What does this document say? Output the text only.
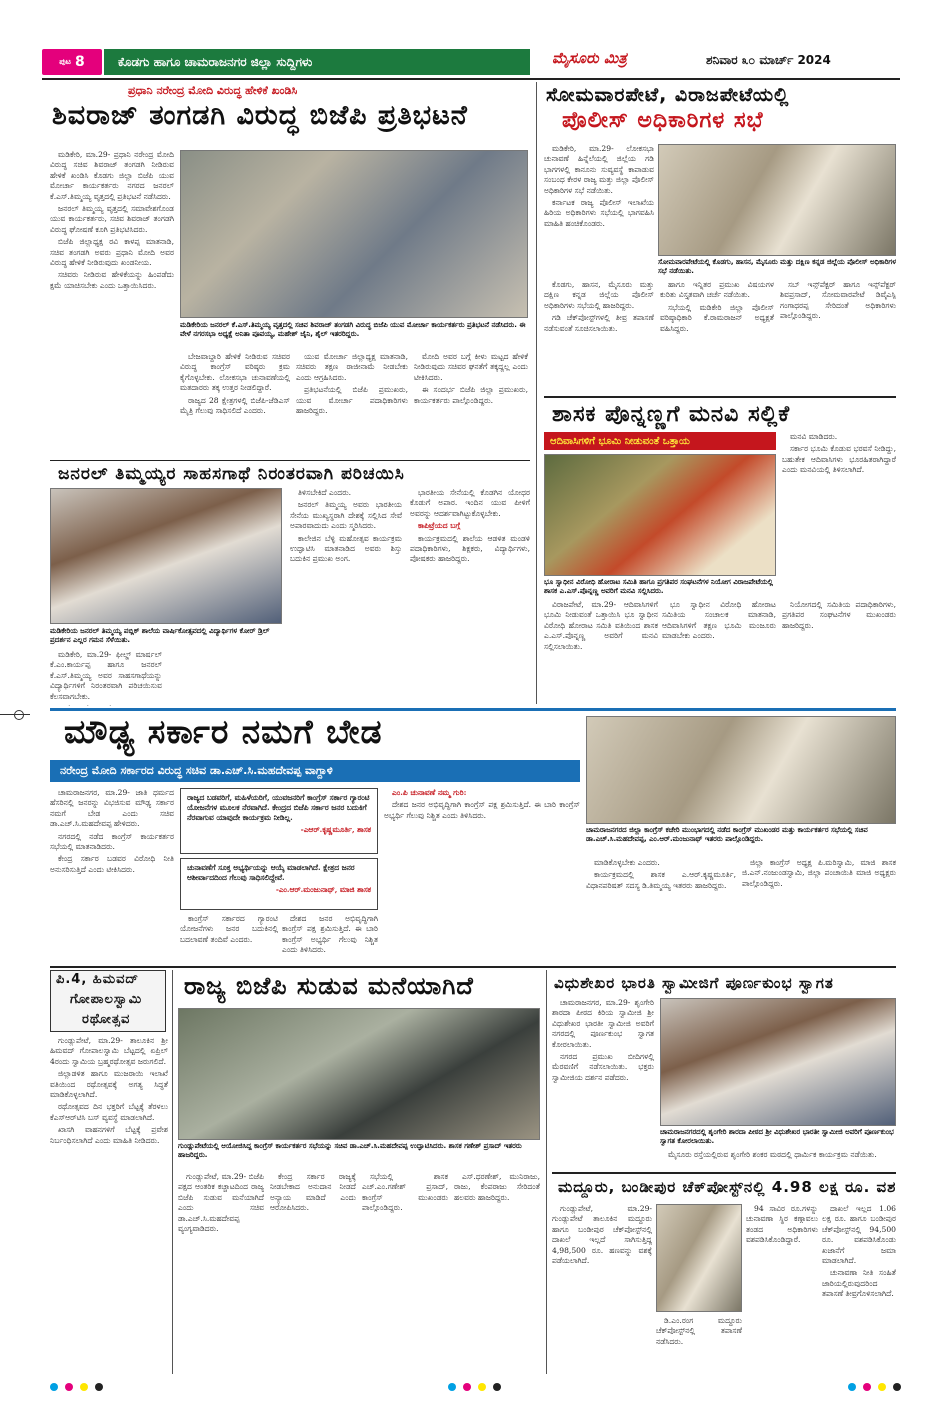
ಪುಟ 8	ಕೊಡಗು ಹಾಗೂ ಚಾಮರಾಜನಗರ ಜಿಲ್ಲಾ ಸುದ್ದಿಗಳು	ಮೈಸೂರು ಮಿತ್ರ	ಶನಿವಾರ ೩೦ ಮಾರ್ಚ್ 2024
ಪ್ರಧಾನಿ ನರೇಂದ್ರ ಮೋದಿ ವಿರುದ್ಧ ಹೇಳಿಕೆ ಖಂಡಿಸಿ
ಶಿವರಾಜ್ ತಂಗಡಗಿ ವಿರುದ್ಧ ಬಿಜೆಪಿ ಪ್ರತಿಭಟನೆ

ಮಡಿಕೇರಿ, ಮಾ.29- ಪ್ರಧಾನಿ ನರೇಂದ್ರ ಮೋದಿ ವಿರುದ್ಧ ಸಚಿವ ಶಿವರಾಜ್ ತಂಗಡಗಿ ನೀಡಿರುವ ಹೇಳಿಕೆ ಖಂಡಿಸಿ ಕೊಡಗು ಜಿಲ್ಲಾ ಬಿಜೆಪಿ ಯುವ ಮೋರ್ಚಾ ಕಾರ್ಯಕರ್ತರು ನಗರದ ಜನರಲ್ ಕೆ.ಎಸ್.ತಿಮ್ಮಯ್ಯ ವೃತ್ತದಲ್ಲಿ ಪ್ರತಿಭಟನೆ ನಡೆಸಿದರು.

ಜನರಲ್ ತಿಮ್ಮಯ್ಯ ವೃತ್ತದಲ್ಲಿ ಸಮಾವೇಶಗೊಂಡ ಯುವ ಕಾರ್ಯಕರ್ತರು, ಸಚಿವ ಶಿವರಾಜ್ ತಂಗಡಗಿ ವಿರುದ್ಧ ಘೋಷಣೆ ಕೂಗಿ ಪ್ರತಿಭಟಿಸಿದರು.

ಬಿಜೆಪಿ ಜಿಲ್ಲಾಧ್ಯಕ್ಷ ರವಿ ಕಾಳಪ್ಪ ಮಾತನಾಡಿ, ಸಚಿವ ತಂಗಡಗಿ ಅವರು ಪ್ರಧಾನಿ ಮೋದಿ ಅವರ ವಿರುದ್ಧ ಹೇಳಿಕೆ ನೀಡಿರುವುದು ಖಂಡನೀಯ.

ಸಚಿವರು ನೀಡಿರುವ ಹೇಳಿಕೆಯನ್ನು ಹಿಂಪಡೆದು ಕ್ಷಮೆ ಯಾಚಿಸಬೇಕು ಎಂದು ಒತ್ತಾಯಿಸಿದರು.

ಮಡಿಕೇರಿಯ ಜನರಲ್ ಕೆ.ಎಸ್.ತಿಮ್ಮಯ್ಯ ವೃತ್ತದಲ್ಲಿ ಸಚಿವ ಶಿವರಾಜ್ ತಂಗಡಗಿ ವಿರುದ್ಧ ಬಿಜೆಪಿ ಯುವ ಮೋರ್ಚಾ ಕಾರ್ಯಕರ್ತರು ಪ್ರತಿಭಟನೆ ನಡೆಸಿದರು. ಈ ವೇಳೆ ನಗರಸಭಾ ಅಧ್ಯಕ್ಷೆ ಅನಿತಾ ಪೂವಯ್ಯ, ಮಹೇಶ್ ಜೈನಿ, ಶೈಲ್ ಇತರರಿದ್ದರು.

ಬೇಜವಾಬ್ದಾರಿ ಹೇಳಿಕೆ ನೀಡಿರುವ ಸಚಿವರ ವಿರುದ್ಧ ಕಾಂಗ್ರೆಸ್ ವರಿಷ್ಠರು ಕ್ರಮ ಕೈಗೊಳ್ಳಬೇಕು. ಲೋಕಸಭಾ ಚುನಾವಣೆಯಲ್ಲಿ ಮತದಾರರು ತಕ್ಕ ಉತ್ತರ ನೀಡಲಿದ್ದಾರೆ.

ರಾಜ್ಯದ 28 ಕ್ಷೇತ್ರಗಳಲ್ಲಿ ಬಿಜೆಪಿ-ಜೆಡಿಎಸ್ ಮೈತ್ರಿ ಗೆಲುವು ಸಾಧಿಸಲಿದೆ ಎಂದರು.

ಯುವ ಮೋರ್ಚಾ ಜಿಲ್ಲಾಧ್ಯಕ್ಷ ಮಾತನಾಡಿ, ಸಚಿವರು ತಕ್ಷಣ ರಾಜೀನಾಮೆ ನೀಡಬೇಕು ಎಂದು ಆಗ್ರಹಿಸಿದರು.

ಪ್ರತಿಭಟನೆಯಲ್ಲಿ ಬಿಜೆಪಿ ಪ್ರಮುಖರು, ಯುವ ಮೋರ್ಚಾ ಪದಾಧಿಕಾರಿಗಳು ಹಾಜರಿದ್ದರು.

ಮೋದಿ ಅವರ ಬಗ್ಗೆ ಕೀಳು ಮಟ್ಟದ ಹೇಳಿಕೆ ನೀಡಿರುವುದು ಸಚಿವರ ಘನತೆಗೆ ತಕ್ಕದ್ದಲ್ಲ ಎಂದು ಟೀಕಿಸಿದರು.

ಈ ಸಂದರ್ಭ ಬಿಜೆಪಿ ಜಿಲ್ಲಾ ಪ್ರಮುಖರು, ಕಾರ್ಯಕರ್ತರು ಪಾಲ್ಗೊಂಡಿದ್ದರು.

ಜನರಲ್ ತಿಮ್ಮಯ್ಯರ ಸಾಹಸಗಾಥೆ ನಿರಂತರವಾಗಿ ಪರಿಚಯಿಸಿ
ಮಡಿಕೇರಿಯ ಜನರಲ್ ತಿಮ್ಮಯ್ಯ ಪಬ್ಲಿಕ್ ಶಾಲೆಯ ವಾರ್ಷಿಕೋತ್ಸವದಲ್ಲಿ ವಿದ್ಯಾರ್ಥಿಗಳ ಕೋರ್ ಡ್ರಿಲ್ ಪ್ರದರ್ಶನ ಎಲ್ಲರ ಗಮನ ಸೆಳೆಯಿತು.

ಮಡಿಕೇರಿ, ಮಾ.29- ಫೀಲ್ಡ್ ಮಾರ್ಷಲ್ ಕೆ.ಎಂ.ಕಾರ್ಯಪ್ಪ ಹಾಗೂ ಜನರಲ್ ಕೆ.ಎಸ್.ತಿಮ್ಮಯ್ಯ ಅವರ ಸಾಹಸಗಾಥೆಯನ್ನು ವಿದ್ಯಾರ್ಥಿಗಳಿಗೆ ನಿರಂತರವಾಗಿ ಪರಿಚಯಿಸುವ ಕೆಲಸವಾಗಬೇಕು.

ತಿಳಿಸಬೇಕಿದೆ ಎಂದರು.

ಜನರಲ್ ತಿಮ್ಮಯ್ಯ ಅವರು ಭಾರತೀಯ ಸೇನೆಯ ಮುಖ್ಯಸ್ಥರಾಗಿ ದೇಶಕ್ಕೆ ಸಲ್ಲಿಸಿದ ಸೇವೆ ಅಪಾರವಾದುದು ಎಂದು ಸ್ಮರಿಸಿದರು.

ಕಾಲೇಜಿನ ಬೆಳ್ಳಿ ಮಹೋತ್ಸವ ಕಾರ್ಯಕ್ರಮ ಉದ್ಘಾಟಿಸಿ ಮಾತನಾಡಿದ ಅವರು ಶಿಸ್ತು ಬದುಕಿನ ಪ್ರಮುಖ ಅಂಗ.

ಭಾರತೀಯ ಸೇನೆಯಲ್ಲಿ ಕೊಡಗಿನ ಯೋಧರ ಕೊಡುಗೆ ಅಪಾರ. ಇಂದಿನ ಯುವ ಪೀಳಿಗೆ ಅವರನ್ನು ಆದರ್ಶವಾಗಿಟ್ಟುಕೊಳ್ಳಬೇಕು.

ಕಾಪಿಟ್ರೆಯದ ಬಗ್ಗೆ

ಕಾರ್ಯಕ್ರಮದಲ್ಲಿ ಶಾಲೆಯ ಆಡಳಿತ ಮಂಡಳಿ ಪದಾಧಿಕಾರಿಗಳು, ಶಿಕ್ಷಕರು, ವಿದ್ಯಾರ್ಥಿಗಳು, ಪೋಷಕರು ಹಾಜರಿದ್ದರು.

ಸೋಮವಾರಪೇಟೆ, ವಿರಾಜಪೇಟೆಯಲ್ಲಿ
ಪೊಲೀಸ್ ಅಧಿಕಾರಿಗಳ ಸಭೆ

ಮಡಿಕೇರಿ, ಮಾ.29- ಲೋಕಸಭಾ ಚುನಾವಣೆ ಹಿನ್ನೆಲೆಯಲ್ಲಿ ಜಿಲ್ಲೆಯ ಗಡಿ ಭಾಗಗಳಲ್ಲಿ ಕಾನೂನು ಸುವ್ಯವಸ್ಥೆ ಕಾಪಾಡುವ ಸಂಬಂಧ ಕೇರಳ ರಾಜ್ಯ ಮತ್ತು ಜಿಲ್ಲಾ ಪೊಲೀಸ್ ಅಧಿಕಾರಿಗಳ ಸಭೆ ನಡೆಯಿತು.

ಕರ್ನಾಟಕ ರಾಜ್ಯ ಪೊಲೀಸ್ ಇಲಾಖೆಯ ಹಿರಿಯ ಅಧಿಕಾರಿಗಳು ಸಭೆಯಲ್ಲಿ ಭಾಗವಹಿಸಿ ಮಾಹಿತಿ ಹಂಚಿಕೊಂಡರು.

ಸೋಮವಾರಪೇಟೆಯಲ್ಲಿ ಕೊಡಗು, ಹಾಸನ, ಮೈಸೂರು ಮತ್ತು ದಕ್ಷಿಣ ಕನ್ನಡ ಜಿಲ್ಲೆಯ ಪೊಲೀಸ್ ಅಧಿಕಾರಿಗಳ ಸಭೆ ನಡೆಯಿತು.

ಕೊಡಗು, ಹಾಸನ, ಮೈಸೂರು ಮತ್ತು ದಕ್ಷಿಣ ಕನ್ನಡ ಜಿಲ್ಲೆಯ ಪೊಲೀಸ್ ಅಧಿಕಾರಿಗಳು ಸಭೆಯಲ್ಲಿ ಹಾಜರಿದ್ದರು.

ಗಡಿ ಚೆಕ್‌ಪೋಸ್ಟ್‌ಗಳಲ್ಲಿ ತೀವ್ರ ತಪಾಸಣೆ ನಡೆಸುವಂತೆ ಸೂಚಿಸಲಾಯಿತು.

ಹಾಗೂ ಇನ್ನಿತರ ಪ್ರಮುಖ ವಿಷಯಗಳ ಕುರಿತು ವಿಸ್ತೃತವಾಗಿ ಚರ್ಚೆ ನಡೆಯಿತು.

ಸಭೆಯಲ್ಲಿ ಮಡಿಕೇರಿ ಜಿಲ್ಲಾ ಪೊಲೀಸ್ ವರಿಷ್ಠಾಧಿಕಾರಿ ಕೆ.ರಾಮರಾಜನ್ ಅಧ್ಯಕ್ಷತೆ ವಹಿಸಿದ್ದರು.

ಸಬ್ ಇನ್ಸ್‌ಪೆಕ್ಟರ್ ಹಾಗೂ ಇನ್ಸ್‌ಪೆಕ್ಟರ್ ಶಿವಪ್ರಸಾದ್, ಸೋಮವಾರಪೇಟೆ ಡಿವೈಎಸ್ಪಿ ಗಂಗಾಧರಪ್ಪ ಸೇರಿದಂತೆ ಅಧಿಕಾರಿಗಳು ಪಾಲ್ಗೊಂಡಿದ್ದರು.

ಶಾಸಕ ಪೊನ್ನಣ್ಣಗೆ ಮನವಿ ಸಲ್ಲಿಕೆ
ಆದಿವಾಸಿಗಳಿಗೆ ಭೂಮಿ ನೀಡುವಂತೆ ಒತ್ತಾಯ	ಮನವಿ ಮಾಡಿದರು.

ಸರ್ಕಾರ ಭೂಮಿ ಕೊಡುವ ಭರವಸೆ ನೀಡಿದ್ದು, ಬಹುತೇಕ ಆದಿವಾಸಿಗಳು ಭೂರಹಿತರಾಗಿದ್ದಾರೆ ಎಂದು ಮನವಿಯಲ್ಲಿ ತಿಳಿಸಲಾಗಿದೆ.

ಭೂ ಸ್ವಾಧೀನ ವಿರೋಧಿ ಹೋರಾಟ ಸಮಿತಿ ಹಾಗೂ ಪ್ರಗತಿಪರ ಸಂಘಟನೆಗಳ ನಿಯೋಗ ವಿರಾಜಪೇಟೆಯಲ್ಲಿ ಶಾಸಕ ಎ.ಎಸ್.ಪೊನ್ನಣ್ಣ ಅವರಿಗೆ ಮನವಿ ಸಲ್ಲಿಸಿದರು.

ವಿರಾಜಪೇಟೆ, ಮಾ.29- ಆದಿವಾಸಿಗಳಿಗೆ ಭೂಮಿ ನೀಡುವಂತೆ ಒತ್ತಾಯಿಸಿ ಭೂ ಸ್ವಾಧೀನ ವಿರೋಧಿ ಹೋರಾಟ ಸಮಿತಿ ವತಿಯಿಂದ ಶಾಸಕ ಎ.ಎಸ್.ಪೊನ್ನಣ್ಣ ಅವರಿಗೆ ಮನವಿ ಸಲ್ಲಿಸಲಾಯಿತು.

ಭೂ ಸ್ವಾಧೀನ ವಿರೋಧಿ ಹೋರಾಟ ಸಮಿತಿಯ ಸಂಚಾಲಕ ಮಾತನಾಡಿ, ಆದಿವಾಸಿಗಳಿಗೆ ತಕ್ಷಣ ಭೂಮಿ ಮಂಜೂರು ಮಾಡಬೇಕು ಎಂದರು.

ನಿಯೋಗದಲ್ಲಿ ಸಮಿತಿಯ ಪದಾಧಿಕಾರಿಗಳು, ಪ್ರಗತಿಪರ ಸಂಘಟನೆಗಳ ಮುಖಂಡರು ಹಾಜರಿದ್ದರು.

ಮೌಢ್ಯ ಸರ್ಕಾರ ನಮಗೆ ಬೇಡ
ನರೇಂದ್ರ ಮೋದಿ ಸರ್ಕಾರದ ವಿರುದ್ಧ ಸಚಿವ ಡಾ.ಎಚ್.ಸಿ.ಮಹದೇವಪ್ಪ ವಾಗ್ದಾಳಿ

ಚಾಮರಾಜನಗರ, ಮಾ.29- ಜಾತಿ ಧರ್ಮದ ಹೆಸರಿನಲ್ಲಿ ಜನರನ್ನು ವಿಭಜಿಸುವ ಮೌಢ್ಯ ಸರ್ಕಾರ ನಮಗೆ ಬೇಡ ಎಂದು ಸಚಿವ ಡಾ.ಎಚ್.ಸಿ.ಮಹದೇವಪ್ಪ ಹೇಳಿದರು.

ನಗರದಲ್ಲಿ ನಡೆದ ಕಾಂಗ್ರೆಸ್ ಕಾರ್ಯಕರ್ತರ ಸಭೆಯಲ್ಲಿ ಮಾತನಾಡಿದರು.

ಕೇಂದ್ರ ಸರ್ಕಾರ ಬಡವರ ವಿರೋಧಿ ನೀತಿ ಅನುಸರಿಸುತ್ತಿದೆ ಎಂದು ಟೀಕಿಸಿದರು.

ರಾಜ್ಯದ ಬಡವರಿಗೆ, ಮಹಿಳೆಯರಿಗೆ, ಯುವಜನರಿಗೆ ಕಾಂಗ್ರೆಸ್ ಸರ್ಕಾರ ಗ್ಯಾರಂಟಿ ಯೋಜನೆಗಳ ಮೂಲಕ ನೆರವಾಗಿದೆ. ಕೇಂದ್ರದ ಬಿಜೆಪಿ ಸರ್ಕಾರ ಜನರ ಬದುಕಿಗೆ ನೆರವಾಗುವ ಯಾವುದೇ ಕಾರ್ಯಕ್ರಮ ನೀಡಿಲ್ಲ.
-ಎಆರ್.ಕೃಷ್ಣಮೂರ್ತಿ, ಶಾಸಕ
ಚುನಾವಣೆಗೆ ಸೂಕ್ತ ಅಭ್ಯರ್ಥಿಯನ್ನು ಆಯ್ಕೆ ಮಾಡಲಾಗಿದೆ. ಕ್ಷೇತ್ರದ ಜನರ ಆಶೀರ್ವಾದದಿಂದ ಗೆಲುವು ಸಾಧಿಸಲಿದ್ದೇವೆ.
-ಎಂ.ಆರ್.ಮಂಜುನಾಥ್, ಮಾಜಿ ಶಾಸಕ

ಕಾಂಗ್ರೆಸ್ ಸರ್ಕಾರದ ಗ್ಯಾರಂಟಿ ಯೋಜನೆಗಳು ಜನರ ಬದುಕಿನಲ್ಲಿ ಬದಲಾವಣೆ ತಂದಿವೆ ಎಂದರು.

ದೇಶದ ಜನರ ಅಭಿವೃದ್ಧಿಗಾಗಿ ಕಾಂಗ್ರೆಸ್ ಪಕ್ಷ ಶ್ರಮಿಸುತ್ತಿದೆ. ಈ ಬಾರಿ ಕಾಂಗ್ರೆಸ್ ಅಭ್ಯರ್ಥಿ ಗೆಲುವು ನಿಶ್ಚಿತ ಎಂದು ತಿಳಿಸಿದರು.

ಎಂ.ಪಿ ಚುನಾವಣೆ ನಮ್ಮ ಗುರಿ:

ದೇಶದ ಜನರ ಅಭಿವೃದ್ಧಿಗಾಗಿ ಕಾಂಗ್ರೆಸ್ ಪಕ್ಷ ಶ್ರಮಿಸುತ್ತಿದೆ. ಈ ಬಾರಿ ಕಾಂಗ್ರೆಸ್ ಅಭ್ಯರ್ಥಿ ಗೆಲುವು ನಿಶ್ಚಿತ ಎಂದು ತಿಳಿಸಿದರು.

ಚಾಮರಾಜನಗರದ ಜಿಲ್ಲಾ ಕಾಂಗ್ರೆಸ್ ಕಚೇರಿ ಮುಂಭಾಗದಲ್ಲಿ ನಡೆದ ಕಾಂಗ್ರೆಸ್ ಮುಖಂಡರ ಮತ್ತು ಕಾರ್ಯಕರ್ತರ ಸಭೆಯಲ್ಲಿ ಸಚಿವ ಡಾ.ಎಚ್.ಸಿ.ಮಹದೇವಪ್ಪ, ಎಂ.ಆರ್.ಮಂಜುನಾಥ್ ಇತರರು ಪಾಲ್ಗೊಂಡಿದ್ದರು.

ಮಾಡಿಕೊಳ್ಳಬೇಕು ಎಂದರು.

ಕಾರ್ಯಕ್ರಮದಲ್ಲಿ ಶಾಸಕ ಎ.ಆರ್.ಕೃಷ್ಣಮೂರ್ತಿ, ವಿಧಾನಪರಿಷತ್ ಸದಸ್ಯ ಡಿ.ತಿಮ್ಮಯ್ಯ ಇತರರು ಹಾಜರಿದ್ದರು.

ಜಿಲ್ಲಾ ಕಾಂಗ್ರೆಸ್ ಅಧ್ಯಕ್ಷ ಪಿ.ಮರಿಸ್ವಾಮಿ, ಮಾಜಿ ಶಾಸಕ ಜಿ.ಎನ್.ನಂಜುಂಡಸ್ವಾಮಿ, ಜಿಲ್ಲಾ ಪಂಚಾಯಿತಿ ಮಾಜಿ ಅಧ್ಯಕ್ಷರು ಪಾಲ್ಗೊಂಡಿದ್ದರು.

ಪಿ.4, ಹಿಮವದ್
ಗೋಪಾಲಸ್ವಾಮಿ
ರಥೋತ್ಸವ

ಗುಂಡ್ಲುಪೇಟೆ, ಮಾ.29- ತಾಲೂಕಿನ ಶ್ರೀ ಹಿಮವದ್ ಗೋಪಾಲಸ್ವಾಮಿ ಬೆಟ್ಟದಲ್ಲಿ ಏಪ್ರಿಲ್ 4ರಂದು ಸ್ವಾಮಿಯ ಬ್ರಹ್ಮರಥೋತ್ಸವ ಜರುಗಲಿದೆ.

ಜಿಲ್ಲಾಡಳಿತ ಹಾಗೂ ಮುಜರಾಯಿ ಇಲಾಖೆ ವತಿಯಿಂದ ರಥೋತ್ಸವಕ್ಕೆ ಅಗತ್ಯ ಸಿದ್ಧತೆ ಮಾಡಿಕೊಳ್ಳಲಾಗಿದೆ.

ರಥೋತ್ಸವದ ದಿನ ಭಕ್ತರಿಗೆ ಬೆಟ್ಟಕ್ಕೆ ತೆರಳಲು ಕೆಎಸ್‌ಆರ್‌ಟಿಸಿ ಬಸ್ ವ್ಯವಸ್ಥೆ ಮಾಡಲಾಗಿದೆ.

ಖಾಸಗಿ ವಾಹನಗಳಿಗೆ ಬೆಟ್ಟಕ್ಕೆ ಪ್ರವೇಶ ನಿರ್ಬಂಧಿಸಲಾಗಿದೆ ಎಂದು ಮಾಹಿತಿ ನೀಡಿದರು.

ರಾಜ್ಯ ಬಿಜೆಪಿ ಸುಡುವ ಮನೆಯಾಗಿದೆ
ಗುಂಡ್ಲುಪೇಟೆಯಲ್ಲಿ ಆಯೋಜಿಸಿದ್ದ ಕಾಂಗ್ರೆಸ್ ಕಾರ್ಯಕರ್ತರ ಸಭೆಯನ್ನು ಸಚಿವ ಡಾ.ಎಚ್.ಸಿ.ಮಹದೇವಪ್ಪ ಉದ್ಘಾಟಿಸಿದರು. ಶಾಸಕ ಗಣೇಶ್ ಪ್ರಸಾದ್ ಇತರರು ಹಾಜರಿದ್ದರು.

ಗುಂಡ್ಲುಪೇಟೆ, ಮಾ.29- ಬಿಜೆಪಿ ಪಕ್ಷದ ಆಂತರಿಕ ಕಚ್ಚಾಟದಿಂದ ರಾಜ್ಯ ಬಿಜೆಪಿ ಸುಡುವ ಮನೆಯಾಗಿದೆ ಎಂದು ಸಚಿವ ಡಾ.ಎಚ್.ಸಿ.ಮಹದೇವಪ್ಪ ವ್ಯಂಗ್ಯವಾಡಿದರು.

ಕೇಂದ್ರ ಸರ್ಕಾರ ರಾಜ್ಯಕ್ಕೆ ನೀಡಬೇಕಾದ ಅನುದಾನ ನೀಡದೆ ಅನ್ಯಾಯ ಮಾಡಿದೆ ಎಂದು ಆರೋಪಿಸಿದರು.

ಸಭೆಯಲ್ಲಿ ಶಾಸಕ ಎಚ್.ಎಂ.ಗಣೇಶ್ ಪ್ರಸಾದ್, ಕಾಂಗ್ರೆಸ್ ಮುಖಂಡರು ಪಾಲ್ಗೊಂಡಿದ್ದರು.

ಎಸ್.ಧರಣೇಶ್, ಮುನಿರಾಜು, ರಾಜು, ಕೆಂಪರಾಜು ಸೇರಿದಂತೆ ಹಲವರು ಹಾಜರಿದ್ದರು.

ವಿಧುಶೇಖರ ಭಾರತಿ ಸ್ವಾಮೀಜಿಗೆ ಪೂರ್ಣಕುಂಭ ಸ್ವಾಗತ

ಚಾಮರಾಜನಗರ, ಮಾ.29- ಶೃಂಗೇರಿ ಶಾರದಾ ಪೀಠದ ಕಿರಿಯ ಸ್ವಾಮೀಜಿ ಶ್ರೀ ವಿಧುಶೇಖರ ಭಾರತೀ ಸ್ವಾಮೀಜಿ ಅವರಿಗೆ ನಗರದಲ್ಲಿ ಪೂರ್ಣಕುಂಭ ಸ್ವಾಗತ ಕೋರಲಾಯಿತು.

ನಗರದ ಪ್ರಮುಖ ಬೀದಿಗಳಲ್ಲಿ ಮೆರವಣಿಗೆ ನಡೆಸಲಾಯಿತು. ಭಕ್ತರು ಸ್ವಾಮೀಜಿಯ ದರ್ಶನ ಪಡೆದರು.

ಚಾಮರಾಜನಗರದಲ್ಲಿ ಶೃಂಗೇರಿ ಶಾರದಾ ಪೀಠದ ಶ್ರೀ ವಿಧುಶೇಖರ ಭಾರತೀ ಸ್ವಾಮೀಜಿ ಅವರಿಗೆ ಪೂರ್ಣಕುಂಭ ಸ್ವಾಗತ ಕೋರಲಾಯಿತು.

ಮೈಸೂರು ರಸ್ತೆಯಲ್ಲಿರುವ ಶೃಂಗೇರಿ ಶಂಕರ ಮಠದಲ್ಲಿ ಧಾರ್ಮಿಕ ಕಾರ್ಯಕ್ರಮ ನಡೆಯಿತು.

ಮದ್ದೂರು, ಬಂಡೀಪುರ ಚೆಕ್‌ಪೋಸ್ಟ್‌ನಲ್ಲಿ 4.98 ಲಕ್ಷ ರೂ. ವಶ

ಗುಂಡ್ಲುಪೇಟೆ, ಮಾ.29- ಗುಂಡ್ಲುಪೇಟೆ ತಾಲೂಕಿನ ಮದ್ದೂರು ಹಾಗೂ ಬಂಡೀಪುರ ಚೆಕ್‌ಪೋಸ್ಟ್‌ನಲ್ಲಿ ದಾಖಲೆ ಇಲ್ಲದೆ ಸಾಗಿಸುತ್ತಿದ್ದ 4,98,500 ರೂ. ಹಣವನ್ನು ವಶಕ್ಕೆ ಪಡೆಯಲಾಗಿದೆ.

ಡಿ.ಎಂ.ರಂಗ ಮದ್ದೂರು ಚೆಕ್‌ಪೋಸ್ಟ್‌ನಲ್ಲಿ ತಪಾಸಣೆ ನಡೆಸಿದರು.

94 ಸಾವಿರ ರೂ.ಗಳನ್ನು ಚುನಾವಣಾ ಸ್ಥಿರ ಕಣ್ಗಾವಲು ತಂಡದ ಅಧಿಕಾರಿಗಳು ವಶಪಡಿಸಿಕೊಂಡಿದ್ದಾರೆ.

ದಾಖಲೆ ಇಲ್ಲದ 1.06 ಲಕ್ಷ ರೂ. ಹಾಗೂ ಬಂಡೀಪುರ ಚೆಕ್‌ಪೋಸ್ಟ್‌ನಲ್ಲಿ 94,500 ರೂ. ವಶಪಡಿಸಿಕೊಂಡು ಖಜಾನೆಗೆ ಜಮಾ ಮಾಡಲಾಗಿದೆ.

ಚುನಾವಣಾ ನೀತಿ ಸಂಹಿತೆ ಜಾರಿಯಲ್ಲಿರುವುದರಿಂದ ತಪಾಸಣೆ ತೀವ್ರಗೊಳಿಸಲಾಗಿದೆ.
